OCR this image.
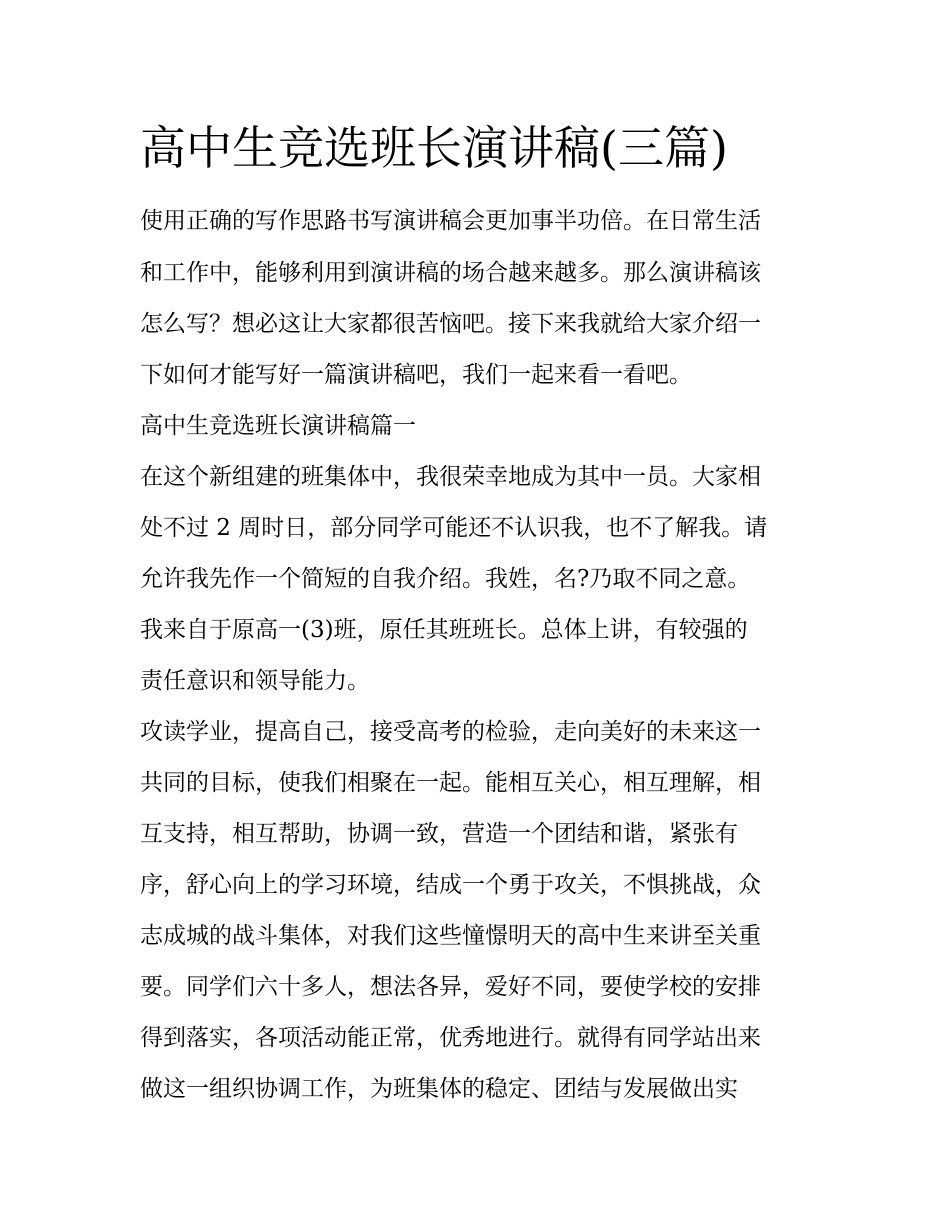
高中生竞选班长演讲稿(三篇)
使用正确的写作思路书写演讲稿会更加事半功倍。在日常生活
和工作中，能够利用到演讲稿的场合越来越多。那么演讲稿该
怎么写？想必这让大家都很苦恼吧。接下来我就给大家介绍一
下如何才能写好一篇演讲稿吧，我们一起来看一看吧。
高中生竞选班长演讲稿篇一
在这个新组建的班集体中，我很荣幸地成为其中一员。大家相
处不过 2 周时日，部分同学可能还不认识我，也不了解我。请
允许我先作一个简短的自我介绍。我姓，名?乃取不同之意。
我来自于原高一(3)班，原任其班班长。总体上讲，有较强的
责任意识和领导能力。
攻读学业，提高自己，接受高考的检验，走向美好的未来这一
共同的目标，使我们相聚在一起。能相互关心，相互理解，相
互支持，相互帮助，协调一致，营造一个团结和谐，紧张有
序，舒心向上的学习环境，结成一个勇于攻关，不惧挑战，众
志成城的战斗集体，对我们这些憧憬明天的高中生来讲至关重
要。同学们六十多人，想法各异，爱好不同，要使学校的安排
得到落实，各项活动能正常，优秀地进行。就得有同学站出来
做这一组织协调工作，为班集体的稳定、团结与发展做出实
